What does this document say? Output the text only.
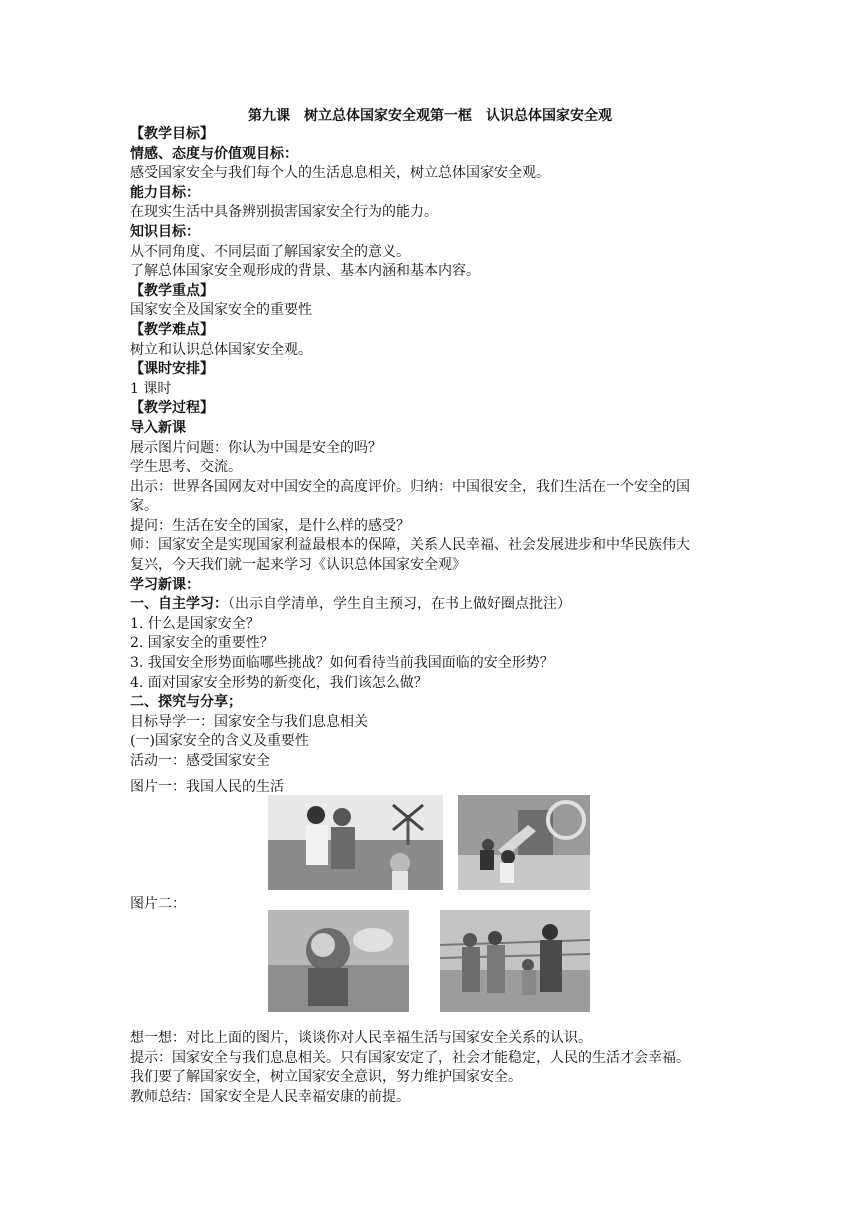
第九课　树立总体国家安全观第一框　认识总体国家安全观
【教学目标】
情感、态度与价值观目标：
感受国家安全与我们每个人的生活息息相关，树立总体国家安全观。
能力目标：
在现实生活中具备辨别损害国家安全行为的能力。
知识目标：
从不同角度、不同层面了解国家安全的意义。
了解总体国家安全观形成的背景、基本内涵和基本内容。
【教学重点】
国家安全及国家安全的重要性
【教学难点】
树立和认识总体国家安全观。
【课时安排】
1 课时
【教学过程】
导入新课
展示图片问题：你认为中国是安全的吗？
学生思考、交流。
出示：世界各国网友对中国安全的高度评价。归纳：中国很安全，我们生活在一个安全的国
家。
提问：生活在安全的国家，是什么样的感受？
师：国家安全是实现国家利益最根本的保障，关系人民幸福、社会发展进步和中华民族伟大
复兴，今天我们就一起来学习《认识总体国家安全观》
学习新课：
一、自主学习：（出示自学清单，学生自主预习，在书上做好圈点批注）
1. 什么是国家安全？
2. 国家安全的重要性？
3. 我国安全形势面临哪些挑战？如何看待当前我国面临的安全形势？
4. 面对国家安全形势的新变化，我们该怎么做？
二、探究与分享；
目标导学一：国家安全与我们息息相关
(一)国家安全的含义及重要性
活动一：感受国家安全
图片一：我国人民的生活
图片二：
想一想：对比上面的图片，谈谈你对人民幸福生活与国家安全关系的认识。
提示：国家安全与我们息息相关。只有国家安定了，社会才能稳定，人民的生活才会幸福。
我们要了解国家安全，树立国家安全意识，努力维护国家安全。
教师总结：国家安全是人民幸福安康的前提。
